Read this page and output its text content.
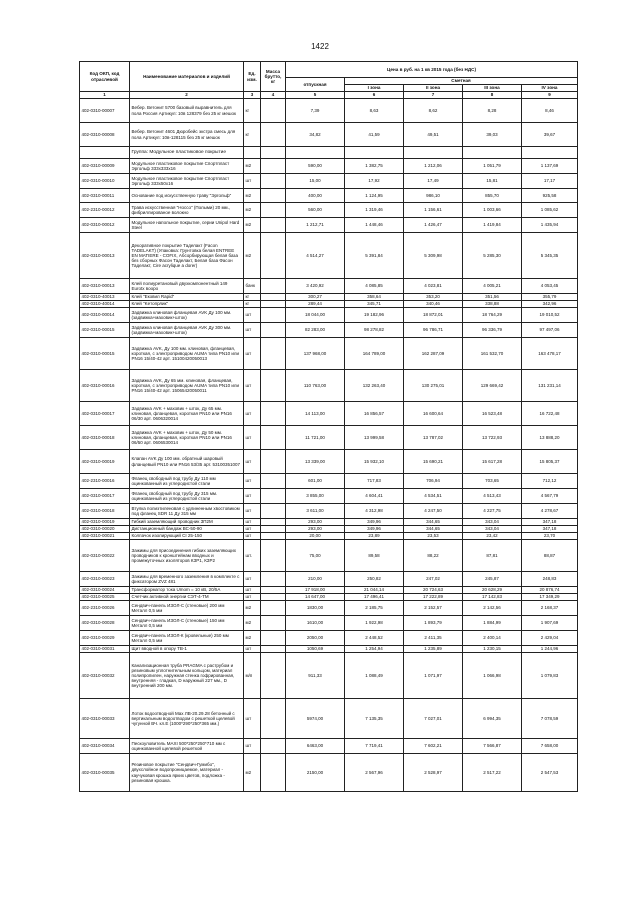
1422
Код ОКП, код отраслевой	Наименование материалов и изделий	Ед. изм.	Масса брутто, кг	Цена в руб. на 1 кв 2015 года (без НДС)				
				отпускная	Сметная			
					I зона	II зона	III зона	IV зона
1	2	3	4	5	6	7	8	9
402-0310-00007	Вебер. Ветонит 5700 базовый выравнитель для пола Россия Артикул: 10в 128379 без 25 кг мешок	кг		7,39	8,63	8,62	8,28	8,46
402-0310-00008	Вебер. Ветонит 4601 Дюробейс экстра смесь для пола Артикул: 10в-128115 без 25 кг мешок	кг		34,82	41,59	49,51	39,03	39,67
	Группа: Модульное пластиковое покрытие							
402-0310-00009	Модульное пластиковое покрытие Спортпласт Эргольф 333х333х16	м2		590,00	1 382,75	1 212,06	1 051,79	1 137,69
402-0310-00010	Модульное пластиковое покрытие Спортпласт Эргольф 333х50х16	шт		15,00	17,92	17,49	15,81	17,17
402-0310-00011	Основание под искусственную траву "Эргольф"	м2		400,00	1 124,95	986,10	855,70	925,58
402-2310-00012	Трава искусственная "Hocco" (Полыми) 20 мм., фибриллированое волокно	м2		560,00	1 319,46	1 156,61	1 003,66	1 085,62
402-0310-00012	Модульное напольное покрытие, серии Unipol Hard Steel	м2		1 212,71	1 448,46	1 426,47	1 419,84	1 435,94
402-0310-00013	Декоративное покрытие Таделакт (Facon TADELAKT) (Упаковка: Грунтовка белая ENTREE EN MATIERE - COFIX, Абсорбирующая белая база без сборных Фасон Таделакт, Белая база Фасон Таделакт, Cire acrylique a dorer)	м2		4 514,27	5 391,84	5 309,98	5 285,30	5 345,35
402-0310-00013	Клей полиуретановый двухкомпонентный 149 Eurotx вооро	банк		3 420,92	4 085,85	4 023,81	4 005,21	4 053,45
402-0310-40013	Клей "Ековил Rapid"	кг		300,27	358,64	353,20	351,56	355,79
402-0310-40014	Клей "Keтопрлик"	кг		289,44	345,71	340,46	338,88	342,96
402-0310-00014	Задвижка клиновая фланцевая AVK Ду 100 мм. (задвижка+маховик+шток)	шт		18 044,00	19 182,96	18 872,01	18 764,29	19 010,52
402-0310-00015	Задвижка клиновая фланцевая AVK Ду 300 мм. (задвижка+маховик+шток)	шт		82 283,00	98 278,82	96 786,71	96 336,79	97 497,06
402-0310-00015	Задвижка AVK, Ду 100 мм. клиновая, фланцевая, короткая, с электроприводом AUMA типа PN10 или PN16 15/40-42 арт. 15100420050013	шт		137 968,00	164 789,00	162 287,09	161 532,70	163 478,17
402-0310-00016	Задвижка AVK, Ду 65 мм. клиновая, фланцевая, короткая, с электроприводом AUMA типа PN10 или PN16 15/40-42 арт. 15065420050011	шт		110 763,00	132 263,40	130 275,01	129 669,42	131 231,14
402-0310-00017	Задвижка AVK + маховик + шток, Ду 65 мм. клиновая, фланцевая, короткая PN10 или PN16 06/30 арт. 0606320014	шт		14 113,00	16 856,57	16 600,64	16 523,48	16 722,48
402-0310-00018	Задвижка AVK + маховик + шток, Ду 50 мм. клиновая, фланцевая, короткая PN10 или PN16 06/50 арт. 0606530014	шт		11 721,00	13 999,58	13 787,02	13 722,93	13 888,20
402-0310-00019	Клапан AVK Ду 100 мм. обратный шаровый фланцевый PN10 или PN16 53/35 арт. 53100351007	шт		13 339,00	15 932,10	15 690,21	15 617,28	15 805,37
402-2310-00016	Фланец свободный под трубу Ду 110 мм оцинкованный из углеродистой стали	шт		601,00	717,83	706,94	703,65	712,12
402-0310-00017	Фланец свободный под трубу Ду 315 мм. оцинкованный из углеродистой стали	шт		3 855,00	4 604,41	4 534,51	4 513,43	4 567,79
402-0310-00018	Втулка полиэтиленовая с удлиненным хвостовиком под фланец SDR 11 Ду 315 мм	шт		3 611,00	4 312,98	4 247,50	4 227,75	4 278,67
402-0310-00019	Гибкий заземляющий проводник ЗП2М	шт		293,00	349,96	344,65	343,04	347,18
402-0310-00020	Дистанционный бандаж ВС-50-90	шт		293,00	349,96	344,65	343,04	347,18
402-0310-00021	Колпачок изолирующий CI 25-150	шт		20,00	23,89	23,53	23,42	23,70
402-0310-00022	Зажимы для присоединения гибких заземляющих проводников к кронштейнам вводных и промежуточных изоляторов КЗР1, КЗР2	шт.		75,00	89,58	88,22	87,81	88,87
402-0310-00023	Зажимы для временного заземления в комплекте с фиксатором ZVZ 481	шт		210,00	250,82	247,02	245,87	248,83
402-0310-00024	Трансформатор тока Umom = 10 кВ, 20/5А	шт		17 918,00	21 044,14	20 724,63	20 628,29	20 876,74
402-0310-00025	Счетчик активной энергии СЭТ-4-ТМ	шт		14 647,00	17 496,41	17 222,89	17 142,83	17 349,29
402-2310-00026	Сендвич-панель ИЗОЛ-С (стеновые) 200 мм Металл 0,5 мм	м2		1830,00	2 185,75	2 152,57	2 142,56	2 168,37
402-0310-00028	Сендвич-панель ИЗОЛ-С (стеновые) 150 мм Металл 0,5 мм	м2		1610,00	1 922,98	1 893,79	1 884,99	1 907,69
402-0310-00029	Сендвич-панель ИЗОЛ-К (кровельные) 250 мм Металл 0,5 мм	м2		2050,00	2 448,52	2 411,35	2 400,14	2 429,04
402-0310-00031	Щит вводной в опору ТВ-1	шт		1050,69	1 254,94	1 235,89	1 230,15	1 244,96
402-0310-00032	Канализационная труба PRAGMA с раструбом и резиновым уплотнительным кольцом, материал полипропилен, наружная стенка гофрированная, внутренняя - гладкая, D наружный 227 мм., D внутренний 200 мм.	м/п		911,33	1 088,49	1 071,97	1 066,98	1 079,83
402-0310-00033	Лоток водоотводной Max ЛВ-20.29.28 бетонный с вертикальным водоотводом с решеткой щелевой чугунной ВЧ. кл.Е (1000*290*250*365 мм.)	шт		5974,00	7 135,35	7 027,01	6 994,35	7 078,59
402-0310-00034	Пескоуловитель MAXI 500*250*250*710 мм с оцинкованной щелевой решеткой	шт		6463,00	7 719,41	7 602,21	7 566,87	7 658,00
402-0310-00035	Резиновое покрытие "Сендвич-Гумибо", двухслойное водопроницаемое, материал - каучуковая крошка ярких цветов, подложка - резиновая крошка.	м2		2150,00	2 567,96	2 528,97	2 517,22	2 547,53
